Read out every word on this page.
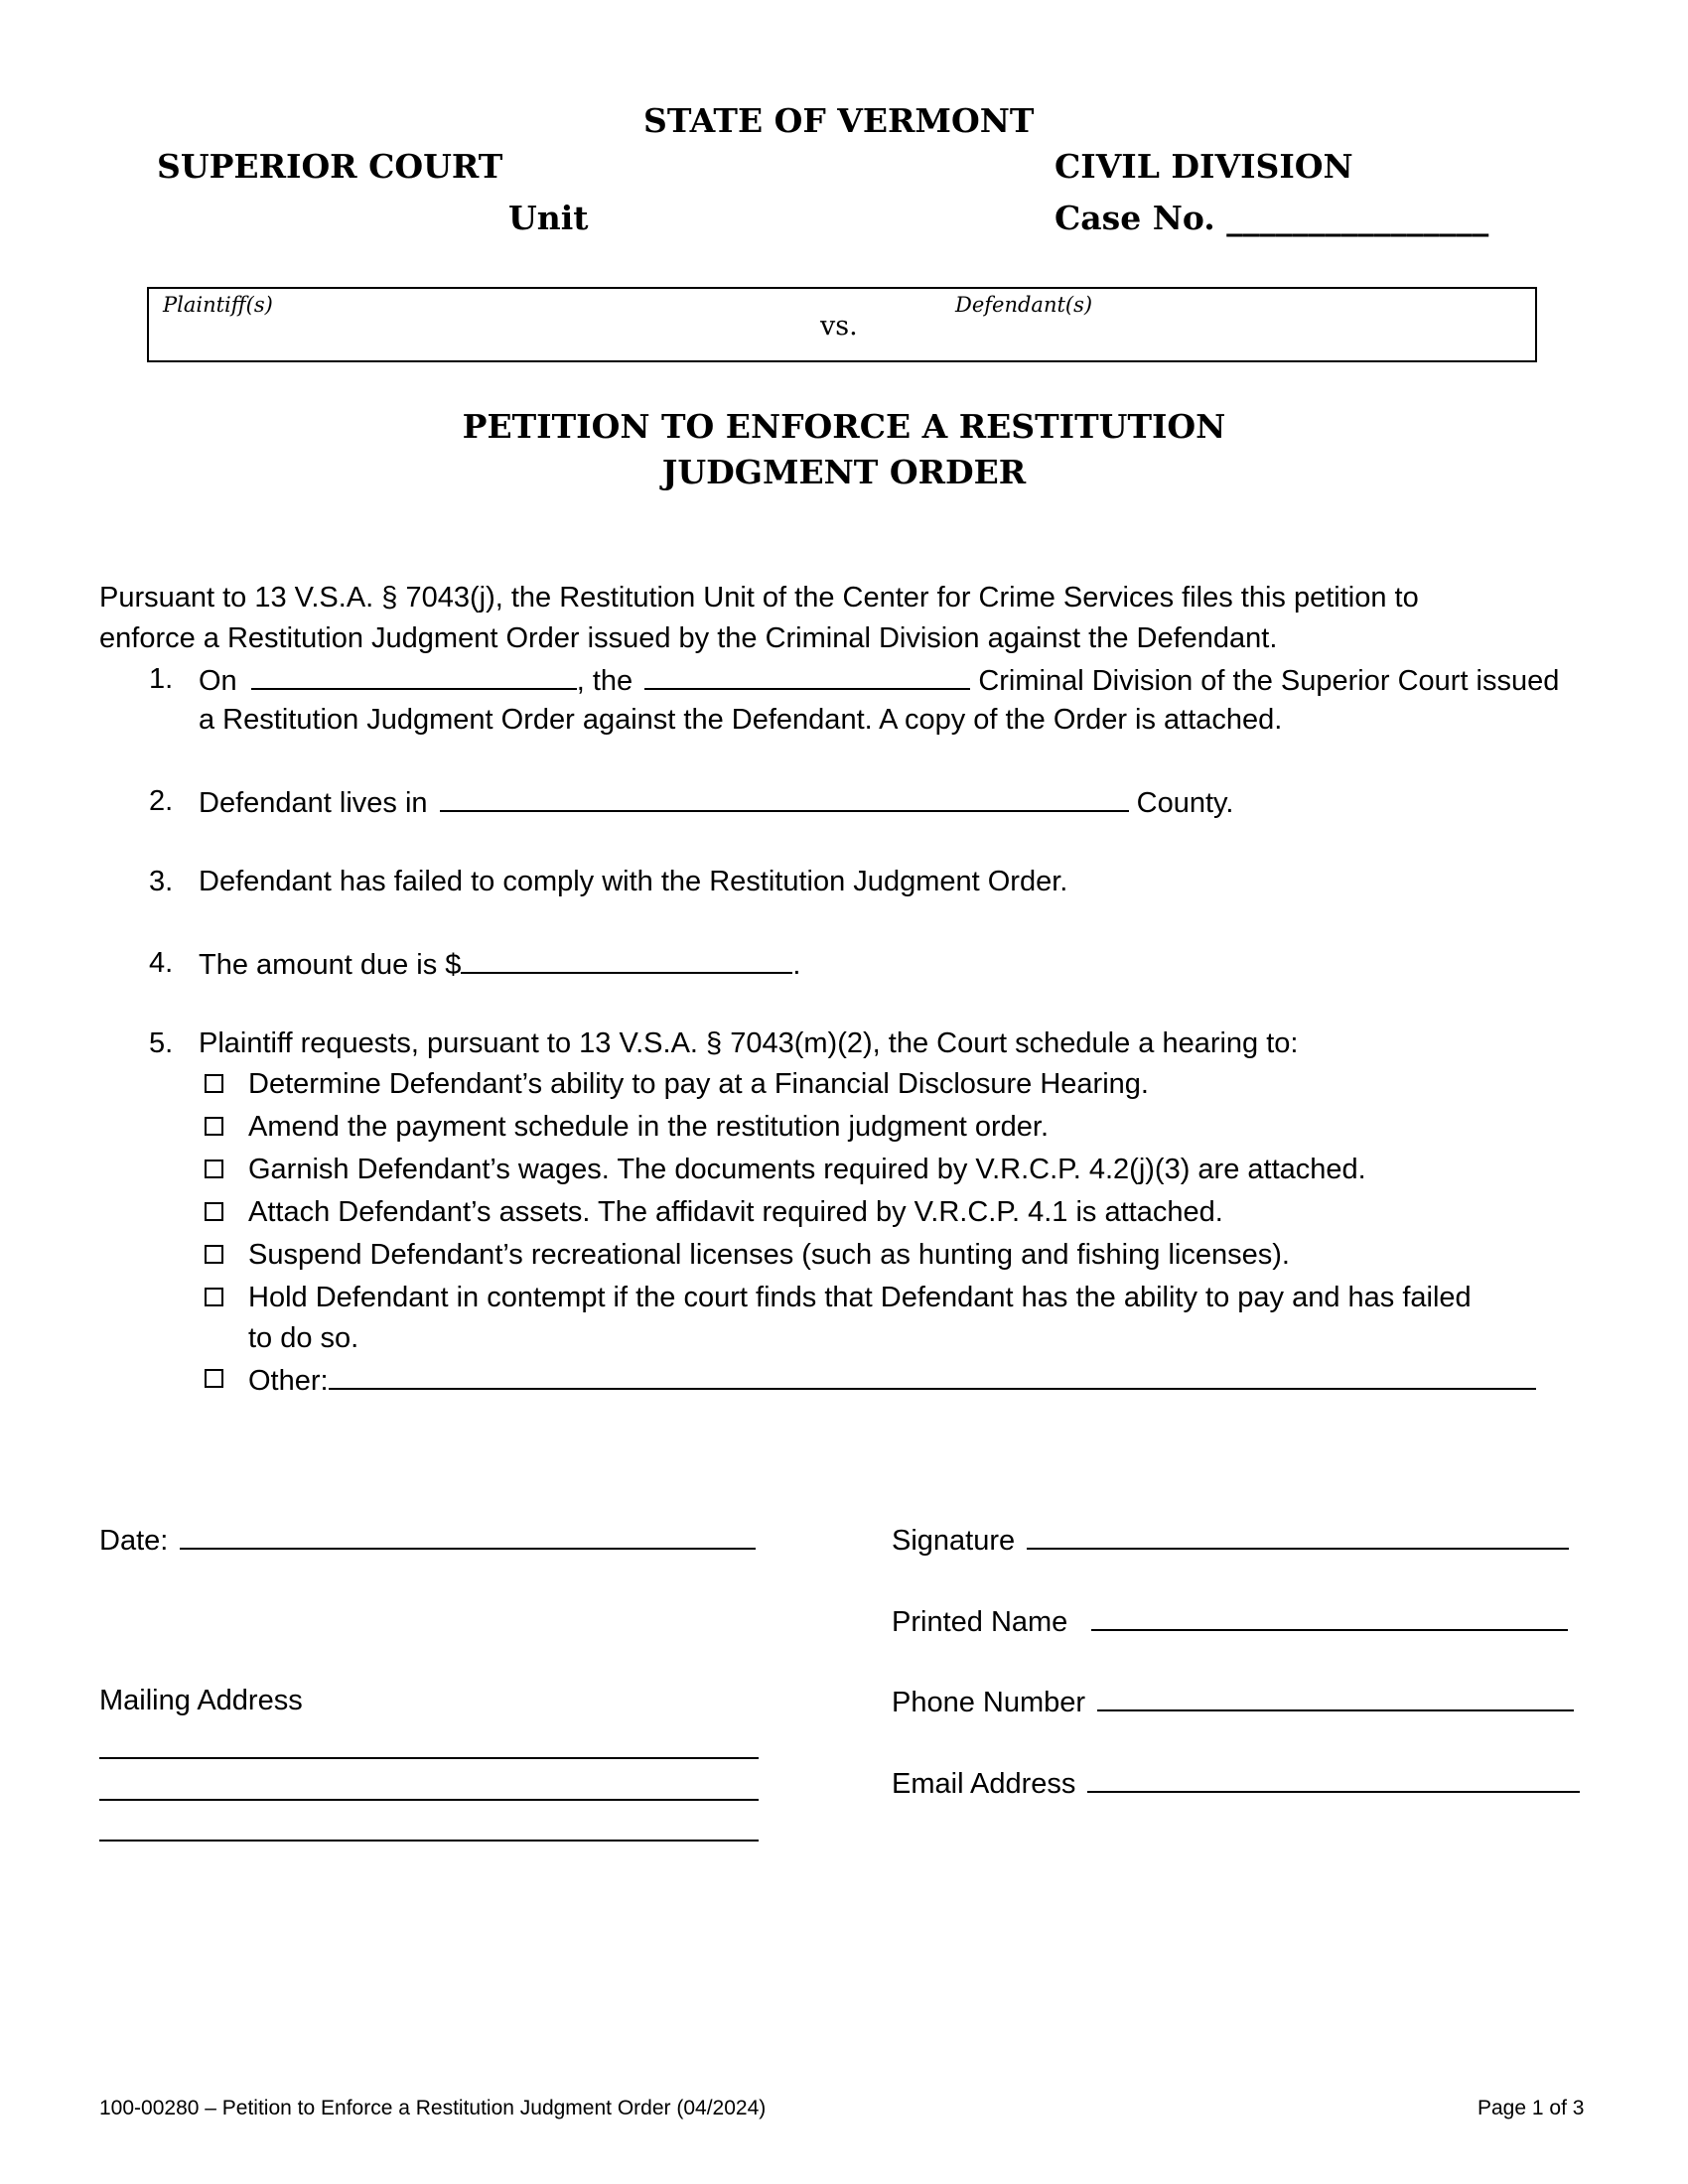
STATE OF VERMONT
SUPERIOR COURT	CIVIL DIVISION
Unit	Case No. ________________
Plaintiff(s)
vs.
Defendant(s)
PETITION TO ENFORCE A RESTITUTION
JUDGMENT ORDER
Pursuant to 13 V.S.A. § 7043(j), the Restitution Unit of the Center for Crime Services files this petition to
enforce a Restitution Judgment Order issued by the Criminal Division against the Defendant.
1. On	, the	Criminal Division of the Superior Court issued
a Restitution Judgment Order against the Defendant. A copy of the Order is attached.
2. Defendant lives in	County.
3. Defendant has failed to comply with the Restitution Judgment Order.
4. The amount due is $	.
5. Plaintiff requests, pursuant to 13 V.S.A. § 7043(m)(2), the Court schedule a hearing to:
Determine Defendant’s ability to pay at a Financial Disclosure Hearing.
Amend the payment schedule in the restitution judgment order.
Garnish Defendant’s wages. The documents required by V.R.C.P. 4.2(j)(3) are attached.
Attach Defendant’s assets. The affidavit required by V.R.C.P. 4.1 is attached.
Suspend Defendant’s recreational licenses (such as hunting and fishing licenses).
Hold Defendant in contempt if the court finds that Defendant has the ability to pay and has failed
to do so.
Other:
Date:	Signature
Printed Name
Mailing Address	Phone Number
Email Address
100-00280 – Petition to Enforce a Restitution Judgment Order (04/2024)	Page 1 of 3
